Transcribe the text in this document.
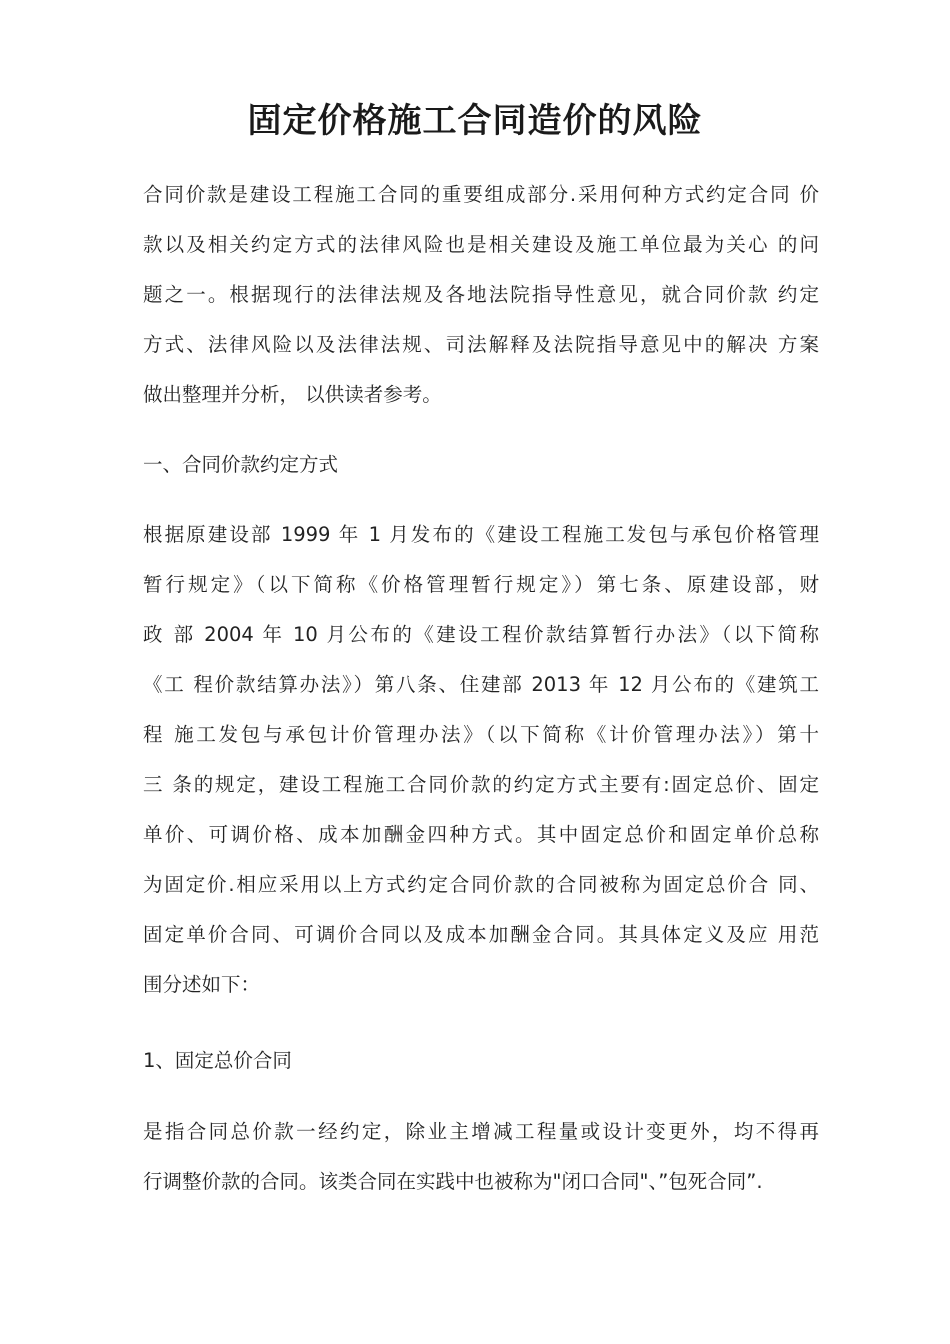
固定价格施工合同造价的风险
合同价款是建设工程施工合同的重要组成部分.采用何种方式约定合同 价
款以及相关约定方式的法律风险也是相关建设及施工单位最为关心 的问
题之一。根据现行的法律法规及各地法院指导性意见，就合同价款 约定
方式、法律风险以及法律法规、司法解释及法院指导意见中的解决 方案
做出整理并分析， 以供读者参考。
一、合同价款约定方式
根据原建设部 1999 年 1 月发布的《建设工程施工发包与承包价格管理
暂行规定》（以下简称《价格管理暂行规定》）第七条、原建设部，财
政 部 2004 年 10 月公布的《建设工程价款结算暂行办法》（以下简称
《工 程价款结算办法》）第八条、住建部 2013 年 12 月公布的《建筑工
程 施工发包与承包计价管理办法》（以下简称《计价管理办法》）第十
三 条的规定，建设工程施工合同价款的约定方式主要有:固定总价、固定
单价、可调价格、成本加酬金四种方式。其中固定总价和固定单价总称
为固定价.相应采用以上方式约定合同价款的合同被称为固定总价合 同、
固定单价合同、可调价合同以及成本加酬金合同。其具体定义及应 用范
围分述如下：
1、固定总价合同
是指合同总价款一经约定，除业主增减工程量或设计变更外，均不得再
行调整价款的合同。该类合同在实践中也被称为"闭口合同"、”包死合同”.
